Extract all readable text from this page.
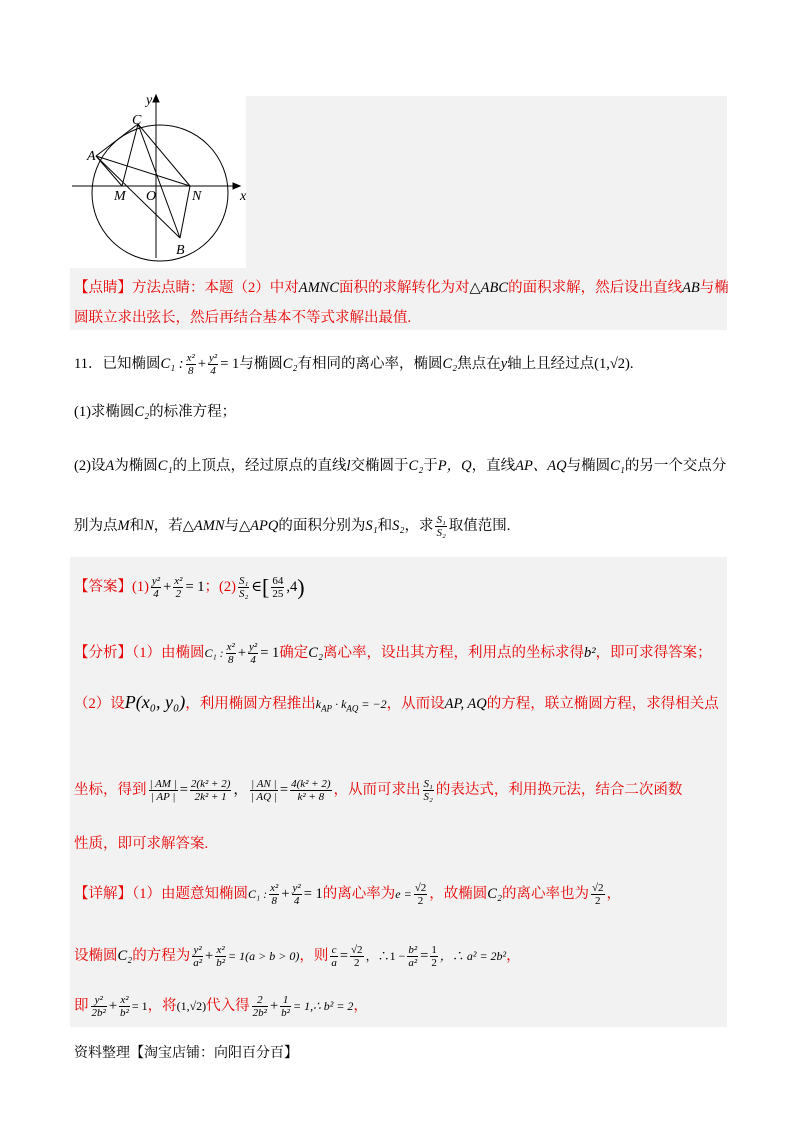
y
x
C
A
M O	N
B
【点睛】方法点睛：本题（2）中对AMNC面积的求解转化为对△ABC的面积求解，然后设出直线AB与椭
圆联立求出弦长，然后再结合基本不等式求解出最值.
11．已知椭圆C₁ : $\frac{\text{x²}}{8} + \frac{\text{y²}}{4} = 1$与椭圆C₂有相同的离心率，椭圆C₂焦点在y轴上且经过点(1,√2).
(1)求椭圆C₂的标准方程；
(2)设A为椭圆C₁的上顶点，经过原点的直线l交椭圆于C₂于P，Q，直线AP、AQ与椭圆C₁的另一个交点分
别为点M和N，若△AMN与△APQ的面积分别为S₁和S₂，求 $\frac{\text{S₁}}{\text{S₂}}$ 取值范围.
【答案】$(1) \frac{\text{y²}}{4} + \frac{\text{x²}}{2} = 1$；$(2) \frac{\text{S₁}}{\text{S₂}}$ ∈[ $\frac{64}{25} ,4$)
【分析】（1）由椭圆C₁ : $\frac{\text{x²}}{8} + \frac{\text{y²}}{4} = 1$确定C₂离心率，设出其方程，利用点的坐标求得b²，即可求得答案；
（2）设P(x₀, y₀)，利用椭圆方程推出$k_{AP} \cdot k_{AQ} = -2$，从而设AP, AQ的方程，联立椭圆方程，求得相关点
坐标，得到 $\frac{| AM |}{| AP |} = \frac{\text{2(k² + 2)}}{\text{2k² + 1}}$ ， $\frac{| AN |}{| AQ |} = \frac{\text{4(k² + 2)}}{\text{k² + 8}}$ ，从而可求出 $\frac{\text{S₁}}{\text{S₂}}$ 的表达式，利用换元法，结合二次函数
性质，即可求解答案.
【详解】（1）由题意知椭圆C₁ : $\frac{\text{x²}}{8} + \frac{\text{y²}}{4} = 1$的离心率为$e = \frac{√2}{2}$ ，故椭圆C₂的离心率也为 $\frac{√2}{2}$ ，
设椭圆C₂的方程为 $\frac{\text{y²}}{\text{a²}} + \frac{\text{x²}}{\text{b²}} = 1(a > b > 0)$，则 $\frac{c}{a} = \frac{√2}{2}$ ，∴1 − $\frac{\text{b²}}{\text{a²}} = \frac{1}{2}$ ，∴ a² = 2b²，
即 $\frac{\text{y²}}{\text{2b²}} + \frac{\text{x²}}{\text{b²}} = 1$，将(1,√2)代入得 $\frac{2}{\text{2b²}} + \frac{1}{\text{b²}}$ = 1,∴ b² = 2，
资料整理【淘宝店铺：向阳百分百】
